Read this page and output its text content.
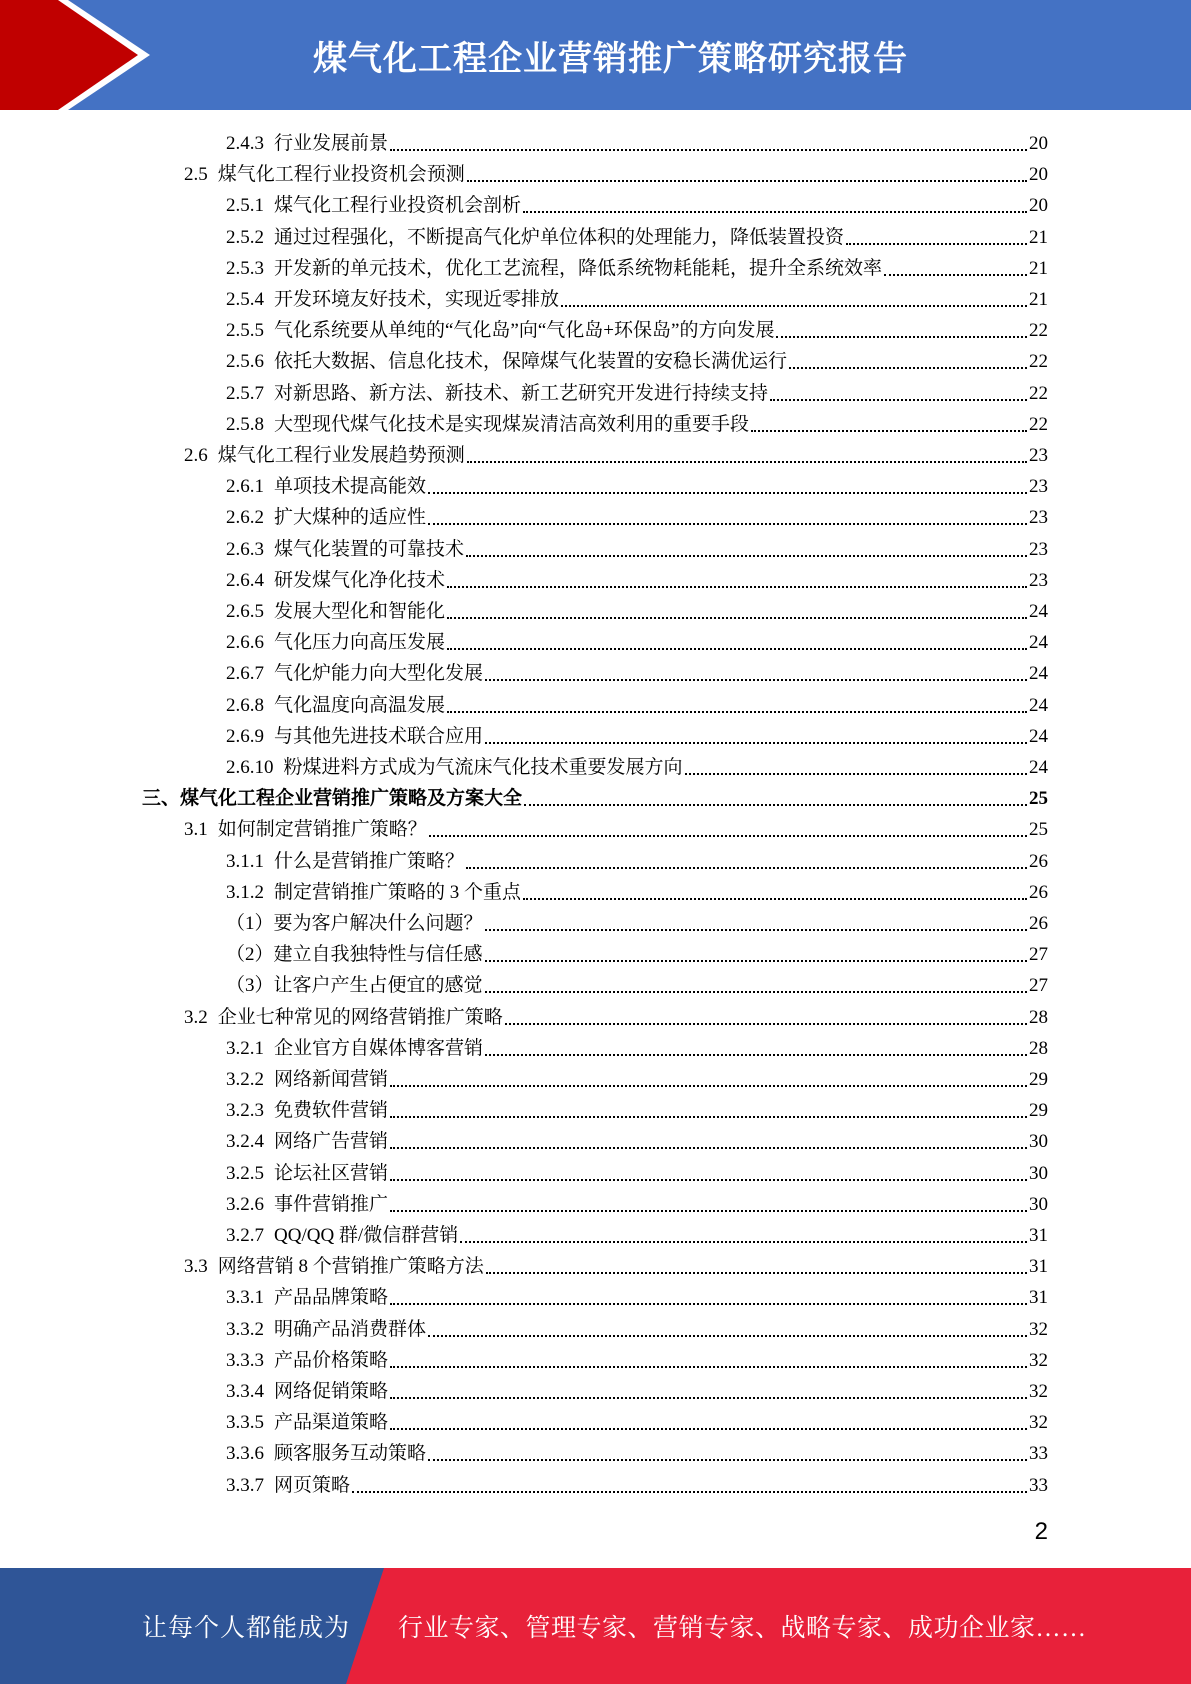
煤气化工程企业营销推广策略研究报告
2.4.3 行业发展前景	20
2.5 煤气化工程行业投资机会预测	20
2.5.1 煤气化工程行业投资机会剖析	20
2.5.2 通过过程强化，不断提高气化炉单位体积的处理能力，降低装置投资	21
2.5.3 开发新的单元技术，优化工艺流程，降低系统物耗能耗，提升全系统效率	21
2.5.4 开发环境友好技术，实现近零排放	21
2.5.5 气化系统要从单纯的“气化岛”向“气化岛+环保岛”的方向发展	22
2.5.6 依托大数据、信息化技术，保障煤气化装置的安稳长满优运行	22
2.5.7 对新思路、新方法、新技术、新工艺研究开发进行持续支持	22
2.5.8 大型现代煤气化技术是实现煤炭清洁高效利用的重要手段	22
2.6 煤气化工程行业发展趋势预测	23
2.6.1 单项技术提高能效	23
2.6.2 扩大煤种的适应性	23
2.6.3 煤气化装置的可靠技术	23
2.6.4 研发煤气化净化技术	23
2.6.5 发展大型化和智能化	24
2.6.6 气化压力向高压发展	24
2.6.7 气化炉能力向大型化发展	24
2.6.8 气化温度向高温发展	24
2.6.9 与其他先进技术联合应用	24
2.6.10 粉煤进料方式成为气流床气化技术重要发展方向	24
三、煤气化工程企业营销推广策略及方案大全	25
3.1 如何制定营销推广策略？	25
3.1.1 什么是营销推广策略？	26
3.1.2 制定营销推广策略的 3 个重点	26
（1）要为客户解决什么问题？	26
（2）建立自我独特性与信任感	27
（3）让客户产生占便宜的感觉	27
3.2 企业七种常见的网络营销推广策略	28
3.2.1 企业官方自媒体博客营销	28
3.2.2 网络新闻营销	29
3.2.3 免费软件营销	29
3.2.4 网络广告营销	30
3.2.5 论坛社区营销	30
3.2.6 事件营销推广	30
3.2.7 QQ/QQ 群/微信群营销	31
3.3 网络营销 8 个营销推广策略方法	31
3.3.1 产品品牌策略	31
3.3.2 明确产品消费群体	32
3.3.3 产品价格策略	32
3.3.4 网络促销策略	32
3.3.5 产品渠道策略	32
3.3.6 顾客服务互动策略	33
3.3.7 网页策略	33
2
让每个人都能成为	行业专家、管理专家、营销专家、战略专家、成功企业家……
